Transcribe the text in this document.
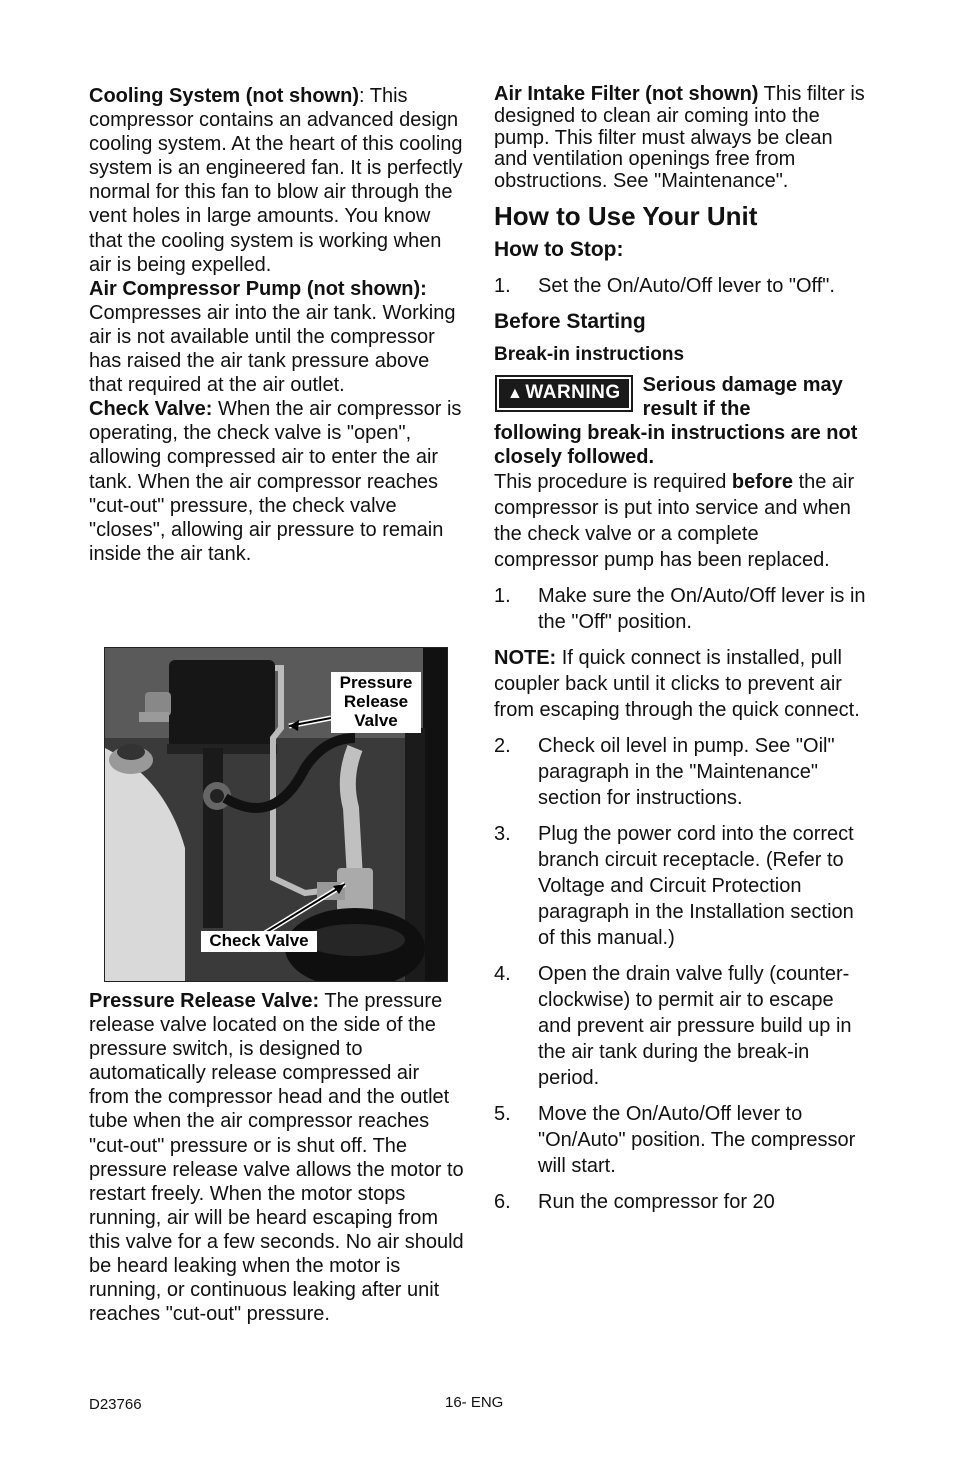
Cooling System (not shown): This compressor contains an advanced design cooling system. At the heart of this cooling system is an engineered fan. It is perfectly normal for this fan to blow air through the vent holes in large amounts. You know that the cooling system is working when air is being expelled.

Air Compressor Pump (not shown): Compresses air into the air tank. Working air is not available until the compressor has raised the air tank pressure above that required at the air outlet.

Check Valve: When the air compressor is operating, the check valve is "open", allowing compressed air to enter the air tank. When the air compressor reaches "cut-out" pressure, the check valve "closes", allowing air pressure to remain inside the air tank.

Pressure
Release
Valve
Check Valve

Pressure Release Valve: The pressure release valve located on the side of the pressure switch, is designed to automatically release compressed air from the compressor head and the outlet tube when the air compressor reaches "cut-out" pressure or is shut off. The pressure release valve allows the motor to restart freely. When the motor stops running, air will be heard escaping from this valve for a few seconds. No air should be heard leaking when the motor is running, or continuous leaking after unit reaches "cut-out" pressure.

Air Intake Filter (not shown) This filter is designed to clean air coming into the pump. This filter must always be clean and ventilation openings free from obstructions. See "Maintenance".

How to Use Your Unit
How to Stop:
1.	Set the On/Auto/Off lever to "Off".
Before Starting
Break-in instructions
▲ WARNING	Serious damage may result if the
following break-in instructions are not closely followed.

This procedure is required before the air compressor is put into service and when the check valve or a complete compressor pump has been replaced.

1.	Make sure the On/Auto/Off lever is in the "Off" position.

NOTE: If quick connect is installed, pull coupler back until it clicks to prevent air from escaping through the quick connect.

2.	Check oil level in pump. See "Oil" paragraph in the "Maintenance" section for instructions.
3.	Plug the power cord into the correct branch circuit receptacle. (Refer to Voltage and Circuit Protection paragraph in the Installation section of this manual.)
4.	Open the drain valve fully (counter-clockwise) to permit air to escape and prevent air pressure build up in the air tank during the break-in period.
5.	Move the On/Auto/Off lever to "On/Auto" position. The compressor will start.
6.	Run the compressor for 20
D23766	16- ENG
